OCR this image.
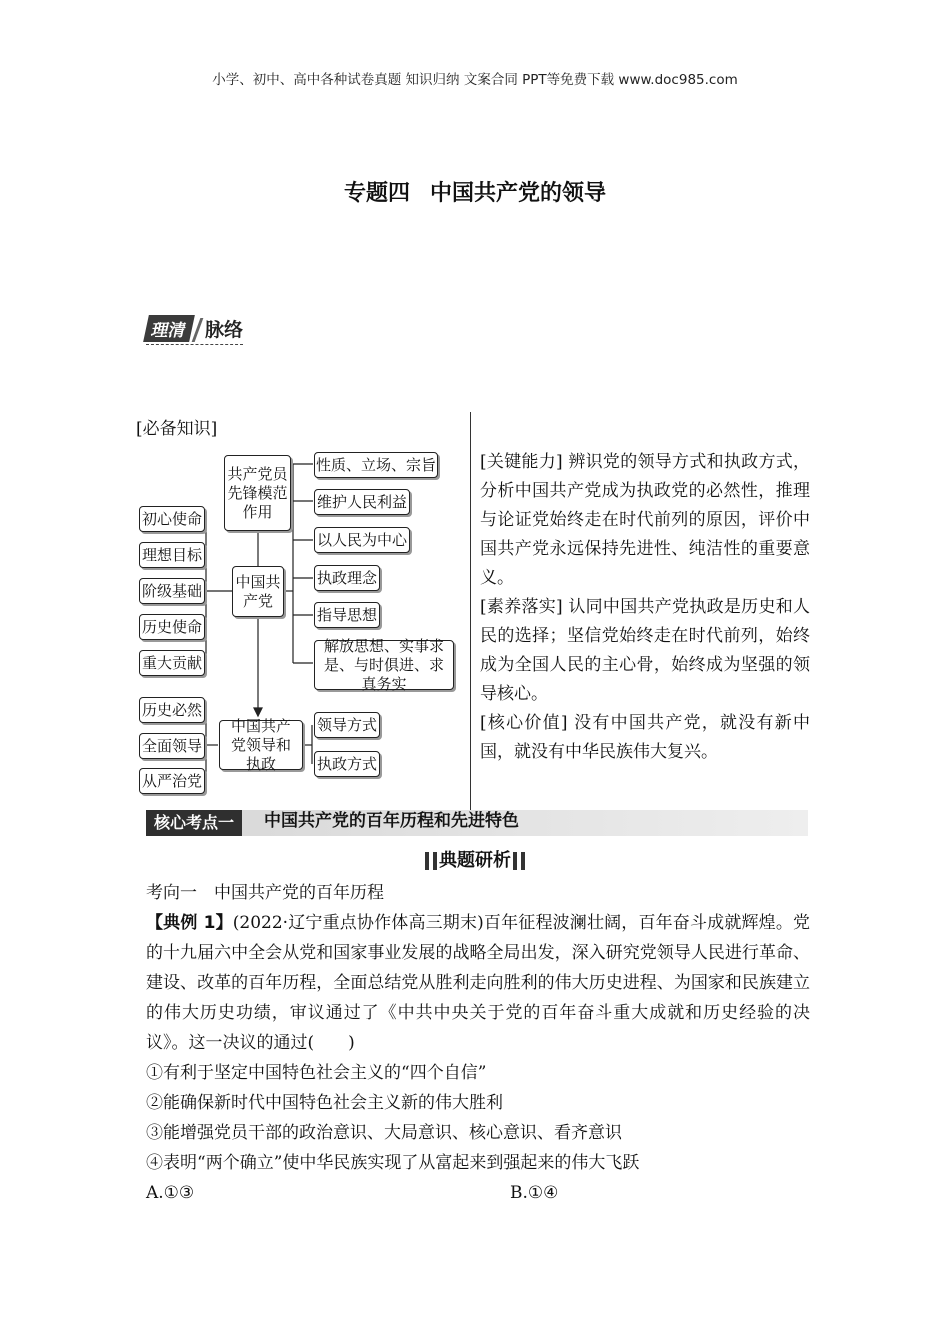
小学、初中、高中各种试卷真题 知识归纳 文案合同 PPT等免费下载 www.doc985.com
专题四 中国共产党的领导
理清 脉络
[必备知识]
共产党员先锋模范作用
中国共产党
初心使命
理想目标
阶级基础
历史使命
重大贡献
性质、立场、宗旨
维护人民利益
以人民为中心
执政理念
指导思想
解放思想、实事求是、与时俱进、求真务实
历史必然
全面领导
从严治党
中国共产党领导和执政
领导方式
执政方式
[关键能力] 辨识党的领导方式和执政方式，分析中国共产党成为执政党的必然性，推理与论证党始终走在时代前列的原因，评价中国共产党永远保持先进性、纯洁性的重要意义。
[素养落实] 认同中国共产党执政是历史和人民的选择；坚信党始终走在时代前列，始终成为全国人民的主心骨，始终成为坚强的领导核心。
[核心价值] 没有中国共产党，就没有新中国，就没有中华民族伟大复兴。
核心考点一	中国共产党的百年历程和先进特色
典题研析
考向一　中国共产党的百年历程
【典例 1】(2022·辽宁重点协作体高三期末)百年征程波澜壮阔，百年奋斗成就辉煌。党的十九届六中全会从党和国家事业发展的战略全局出发，深入研究党领导人民进行革命、建设、改革的百年历程，全面总结党从胜利走向胜利的伟大历史进程、为国家和民族建立的伟大历史功绩，审议通过了《中共中央关于党的百年奋斗重大成就和历史经验的决议》。这一决议的通过(　　)
①有利于坚定中国特色社会主义的“四个自信”
②能确保新时代中国特色社会主义新的伟大胜利
③能增强党员干部的政治意识、大局意识、核心意识、看齐意识
④表明“两个确立”使中华民族实现了从富起来到强起来的伟大飞跃
A.①③	B.①④
